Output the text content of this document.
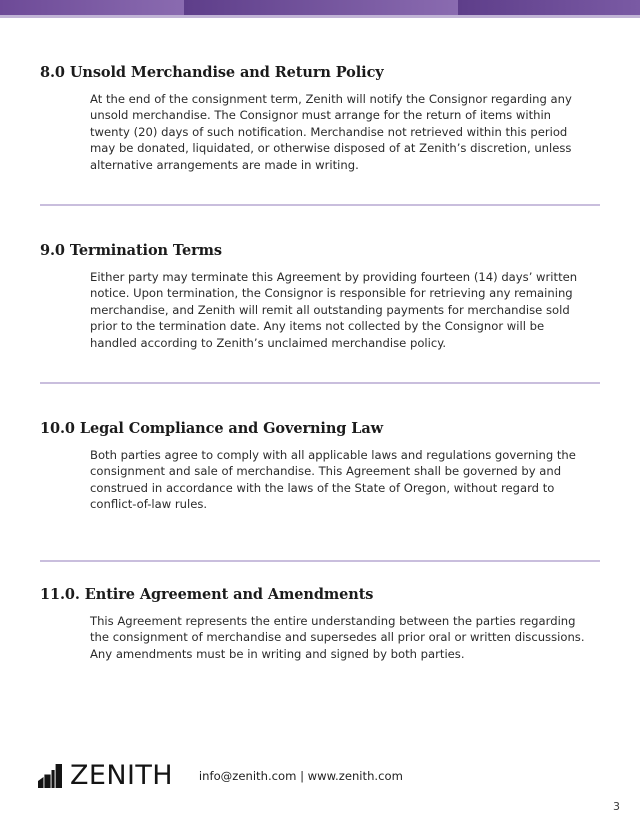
8.0 Unsold Merchandise and Return Policy

At the end of the consignment term, Zenith will notify the Consignor regarding any unsold merchandise. The Consignor must arrange for the return of items within twenty (20) days of such notification. Merchandise not retrieved within this period may be donated, liquidated, or otherwise disposed of at Zenith’s discretion, unless alternative arrangements are made in writing.

9.0 Termination Terms

Either party may terminate this Agreement by providing fourteen (14) days’ written notice. Upon termination, the Consignor is responsible for retrieving any remaining merchandise, and Zenith will remit all outstanding payments for merchandise sold prior to the termination date. Any items not collected by the Consignor will be handled according to Zenith’s unclaimed merchandise policy.

10.0 Legal Compliance and Governing Law

Both parties agree to comply with all applicable laws and regulations governing the consignment and sale of merchandise. This Agreement shall be governed by and construed in accordance with the laws of the State of Oregon, without regard to conflict-of-law rules.

11.0. Entire Agreement and Amendments

This Agreement represents the entire understanding between the parties regarding the consignment of merchandise and supersedes all prior oral or written discussions. Any amendments must be in writing and signed by both parties.

ZENITH info@zenith.com | www.zenith.com
3
